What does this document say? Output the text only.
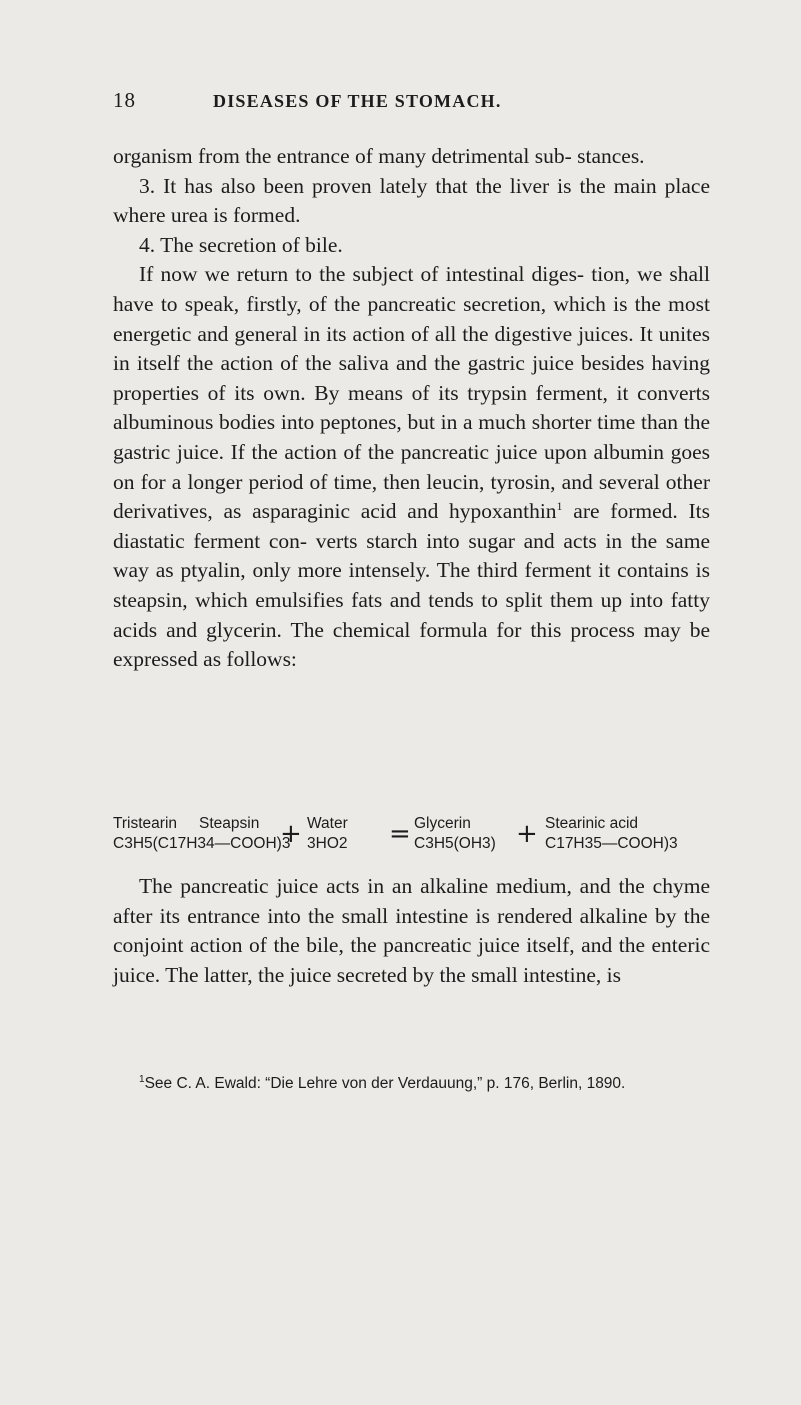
18	DISEASES OF THE STOMACH.

organism from the entrance of many detrimental sub- stances.

3. It has also been proven lately that the liver is the main place where urea is formed.

4. The secretion of bile.

If now we return to the subject of intestinal diges- tion, we shall have to speak, firstly, of the pancreatic secretion, which is the most energetic and general in its action of all the digestive juices. It unites in itself the action of the saliva and the gastric juice besides having properties of its own. By means of its trypsin ferment, it converts albuminous bodies into peptones, but in a much shorter time than the gastric juice. If the action of the pancreatic juice upon albumin goes on for a longer period of time, then leucin, tyrosin, and several other derivatives, as asparaginic acid and hypoxanthin$^1$ are formed. Its diastatic ferment con- verts starch into sugar and acts in the same way as ptyalin, only more intensely. The third ferment it contains is steapsin, which emulsifies fats and tends to split them up into fatty acids and glycerin. The chemical formula for this process may be expressed as follows:

Tristearin
C3H5(C17H34—COOH)3
Steapsin + Water
3HO2 = Glycerin
C3H5(OH3) + Stearinic acid
C17H35—COOH)3

The pancreatic juice acts in an alkaline medium, and the chyme after its entrance into the small intestine is rendered alkaline by the conjoint action of the bile, the pancreatic juice itself, and the enteric juice. The latter, the juice secreted by the small intestine, is

$^1$See C. A. Ewald: “Die Lehre von der Verdauung,” p. 176, Berlin, 1890.
